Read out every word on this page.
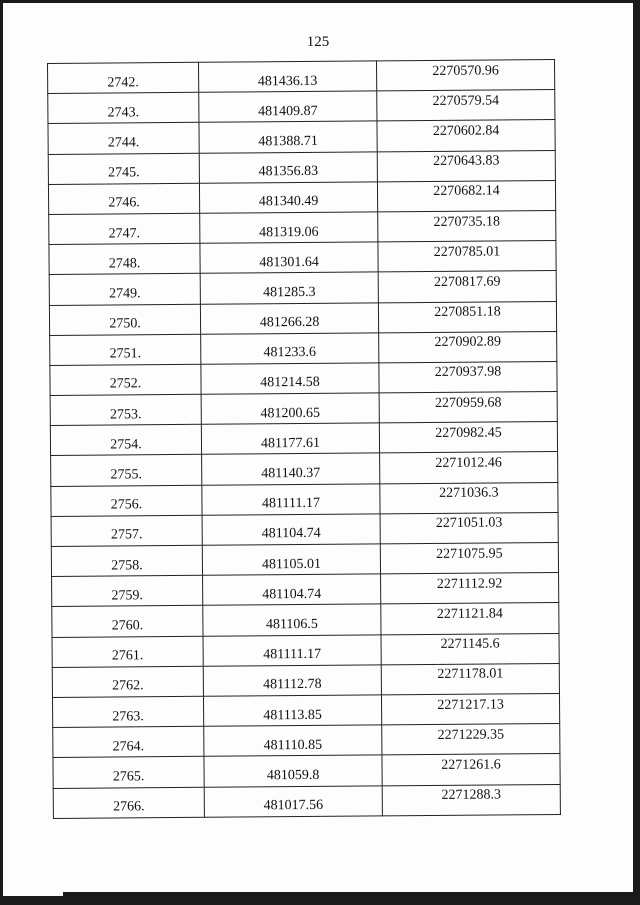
125
2742.	481436.13	2270570.96
2743.	481409.87	2270579.54
2744.	481388.71	2270602.84
2745.	481356.83	2270643.83
2746.	481340.49	2270682.14
2747.	481319.06	2270735.18
2748.	481301.64	2270785.01
2749.	481285.3	2270817.69
2750.	481266.28	2270851.18
2751.	481233.6	2270902.89
2752.	481214.58	2270937.98
2753.	481200.65	2270959.68
2754.	481177.61	2270982.45
2755.	481140.37	2271012.46
2756.	481111.17	2271036.3
2757.	481104.74	2271051.03
2758.	481105.01	2271075.95
2759.	481104.74	2271112.92
2760.	481106.5	2271121.84
2761.	481111.17	2271145.6
2762.	481112.78	2271178.01
2763.	481113.85	2271217.13
2764.	481110.85	2271229.35
2765.	481059.8	2271261.6
2766.	481017.56	2271288.3
